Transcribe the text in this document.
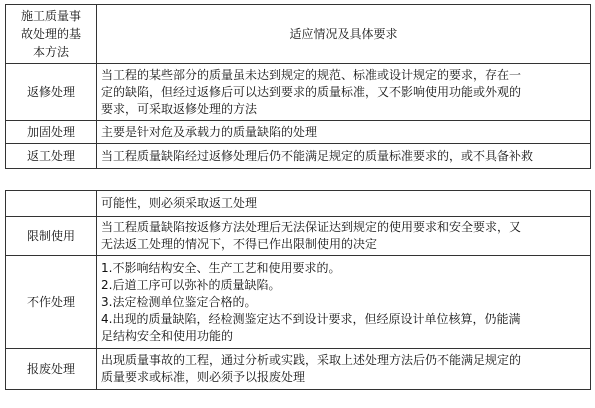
施工质量事
故处理的基
本方法	适应情况及具体要求
返修处理	当工程的某些部分的质量虽未达到规定的规范、标准或设计规定的要求，存在一
定的缺陷，但经过返修后可以达到要求的质量标准，又不影响使用功能或外观的
要求，可采取返修处理的方法

加固处理	主要是针对危及承载力的质量缺陷的处理

返工处理	当工程质量缺陷经过返修处理后仍不能满足规定的质量标准要求的，或不具备补救

	可能性，则必须采取返工处理

限制使用	当工程质量缺陷按返修方法处理后无法保证达到规定的使用要求和安全要求，又
无法返工处理的情况下，不得已作出限制使用的决定

不作处理	1.不影响结构安全、生产工艺和使用要求的。
2.后道工序可以弥补的质量缺陷。
3.法定检测单位鉴定合格的。
4.出现的质量缺陷，经检测鉴定达不到设计要求，但经原设计单位核算，仍能满
足结构安全和使用功能的

报废处理	出现质量事故的工程，通过分析或实践，采取上述处理方法后仍不能满足规定的
质量要求或标准，则必须予以报废处理
